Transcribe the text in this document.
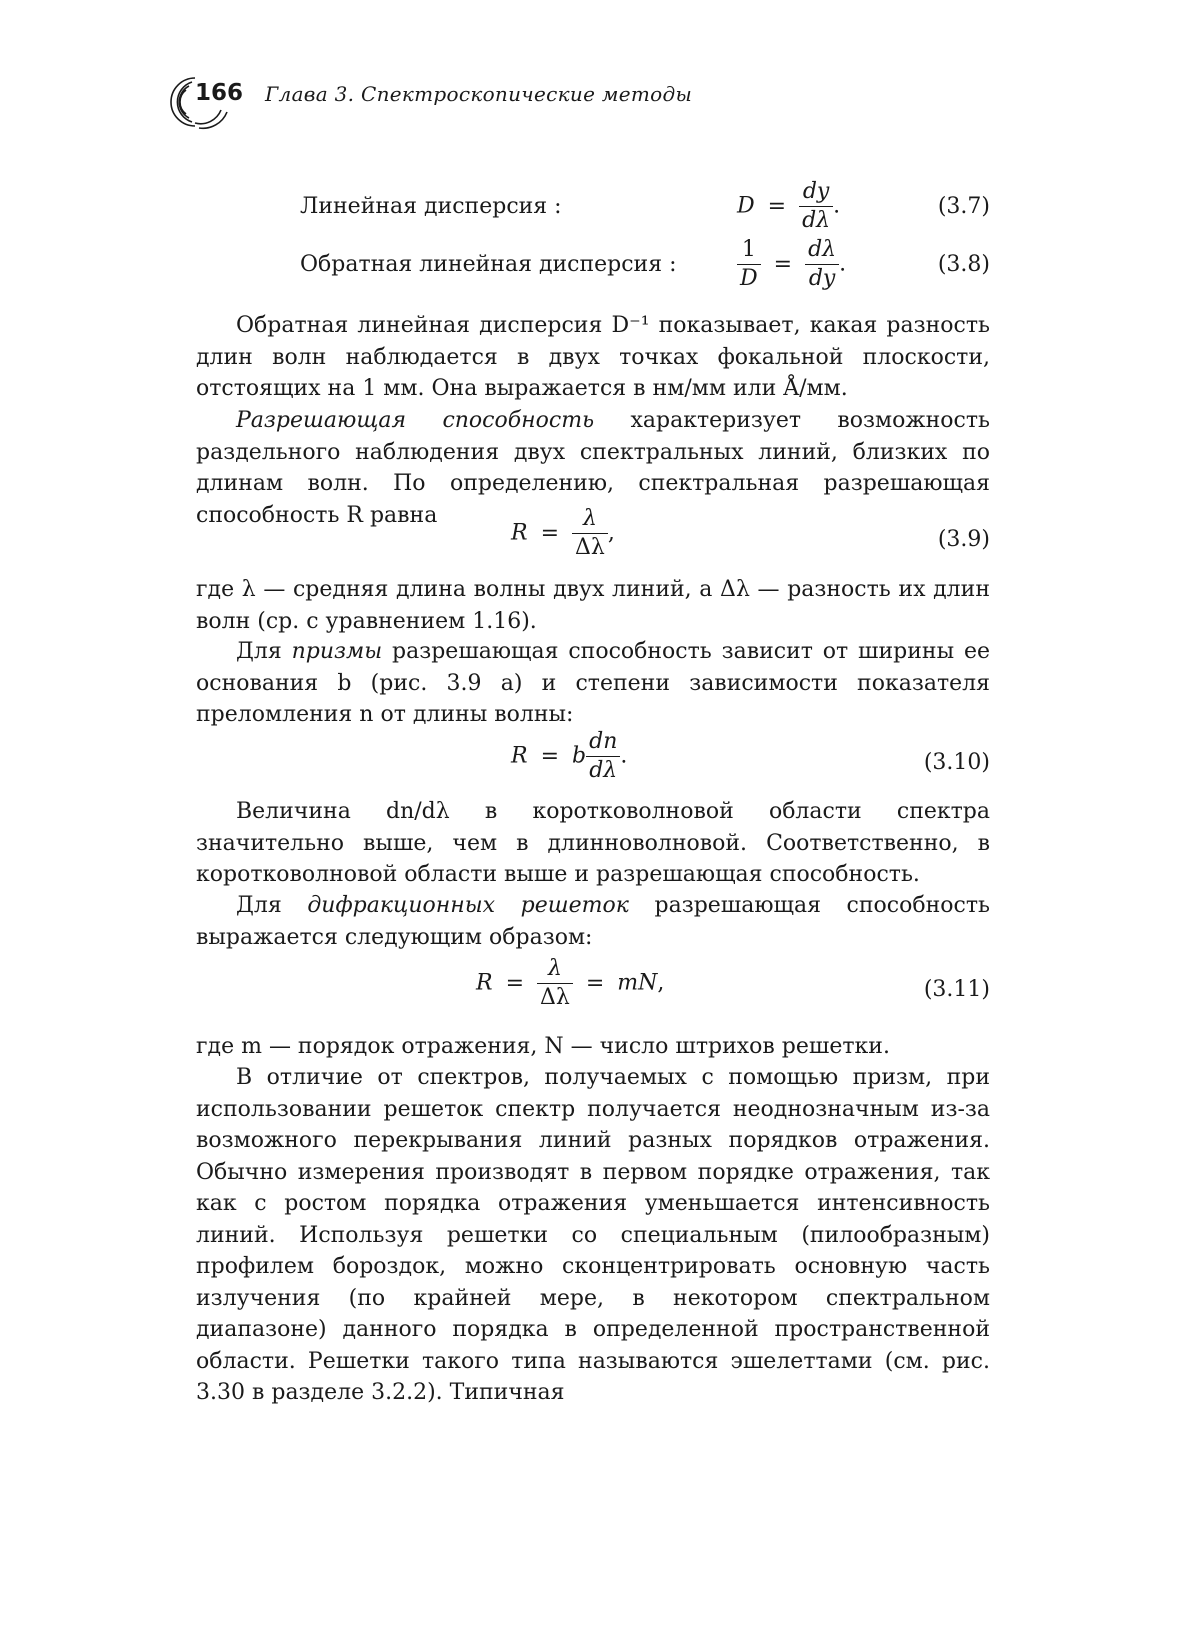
166 Глава 3. Спектроскопические методы
Линейная дисперсия :	$D = \frac{dy}{d\lambda}$ .	(3.7)
Обратная линейная дисперсия :	$\frac{1}{D} = \frac{d\lambda}{dy}$ .	(3.8)
Обратная линейная дисперсия D⁻¹ показывает, какая разность длин волн наблюдается в двух точках фокальной плоскости, отстоящих на 1 мм. Она выражается в нм/мм или Å/мм.
Разрешающая способность характеризует возможность раздельного наблюдения двух спектральных линий, близких по длинам волн. По определению, спектральная разрешающая способность R равна
$R = \frac{\lambda}{\Delta\lambda}$ ,	(3.9)
где λ — средняя длина волны двух линий, а Δλ — разность их длин волн (ср. с уравнением 1.16).
Для призмы разрешающая способность зависит от ширины ее основания b (рис. 3.9 а) и степени зависимости показателя преломления n от длины волны:
R = b $\frac{dn}{d\lambda}$ .	(3.10)
Величина dn/dλ в коротковолновой области спектра значительно выше, чем в длинноволновой. Соответственно, в коротковолновой области выше и разрешающая способность.
Для дифракционных решеток разрешающая способность выражается следующим образом:
$R = \frac{\lambda}{\Delta\lambda}$ = mN,	(3.11)
где m — порядок отражения, N — число штрихов решетки.
В отличие от спектров, получаемых с помощью призм, при использовании решеток спектр получается неоднозначным из-за возможного перекрывания линий разных порядков отражения. Обычно измерения производят в первом порядке отражения, так как с ростом порядка отражения уменьшается интенсивность линий. Используя решетки со специальным (пилообразным) профилем бороздок, можно сконцентрировать основную часть излучения (по крайней мере, в некотором спектральном диапазоне) данного порядка в определенной пространственной области. Решетки такого типа называются эшелеттами (см. рис. 3.30 в разделе 3.2.2). Типичная
